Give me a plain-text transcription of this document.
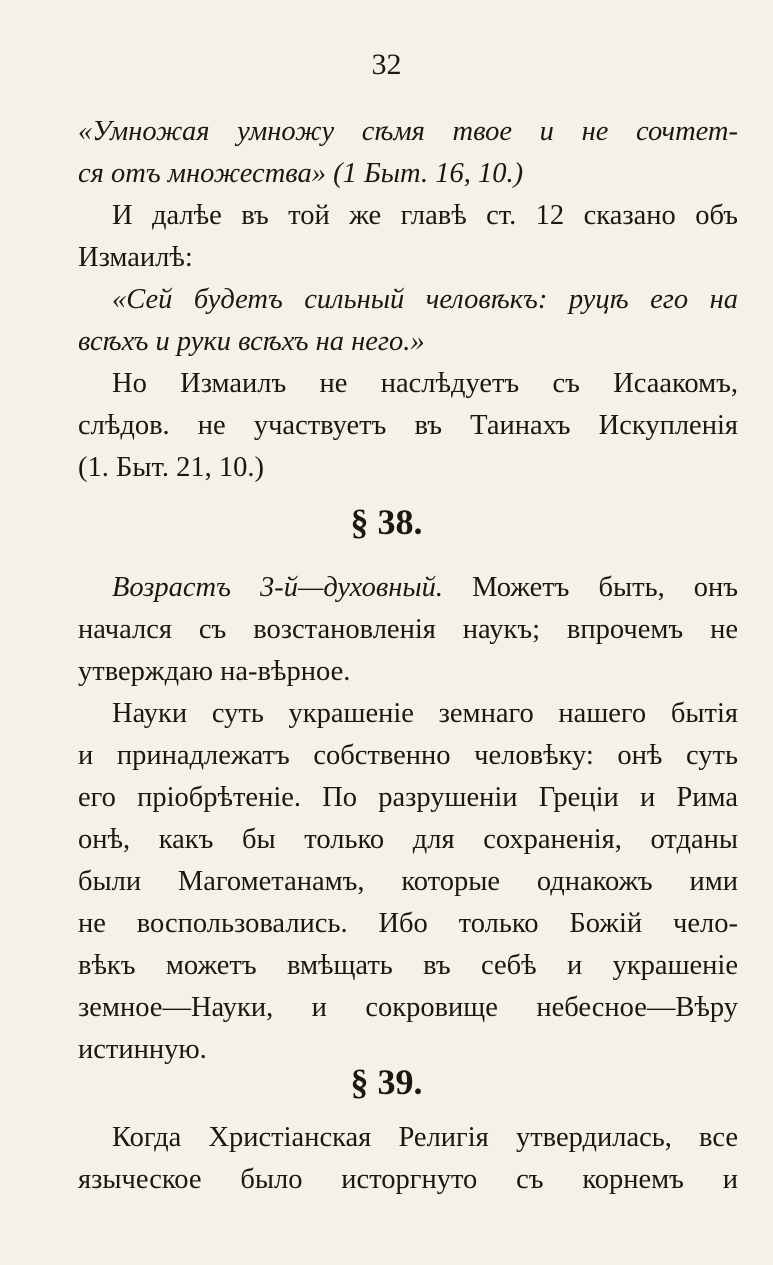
32
«Умножая умножу сѣмя твое и не сочтет-
ся отъ множества» (1 Быт. 16, 10.)
И далѣе въ той же главѣ ст. 12 сказано объ
Измаилѣ:
«Сей будетъ сильный человѣкъ: руцѣ его на
всѣхъ и руки всѣхъ на него.»
Но Измаилъ не наслѣдуетъ съ Исаакомъ,
слѣдов. не участвуетъ въ Таинахъ Искупленія
(1. Быт. 21, 10.)
§ 38.
Возрастъ 3-й—духовный. Можетъ быть, онъ
начался съ возстановленія наукъ; впрочемъ не
утверждаю на-вѣрное.
Науки суть украшеніе земнаго нашего бытія
и принадлежатъ собственно человѣку: онѣ суть
его пріобрѣтеніе. По разрушеніи Греціи и Рима
онѣ, какъ бы только для сохраненія, отданы
были Магометанамъ, которые однакожъ ими
не воспользовались. Ибо только Божій чело-
вѣкъ можетъ вмѣщать въ себѣ и украшеніе
земное—Науки, и сокровище небесное—Вѣру
истинную.
§ 39.
Когда Христіанская Религія утвердилась, все
языческое было исторгнуто съ корнемъ и
